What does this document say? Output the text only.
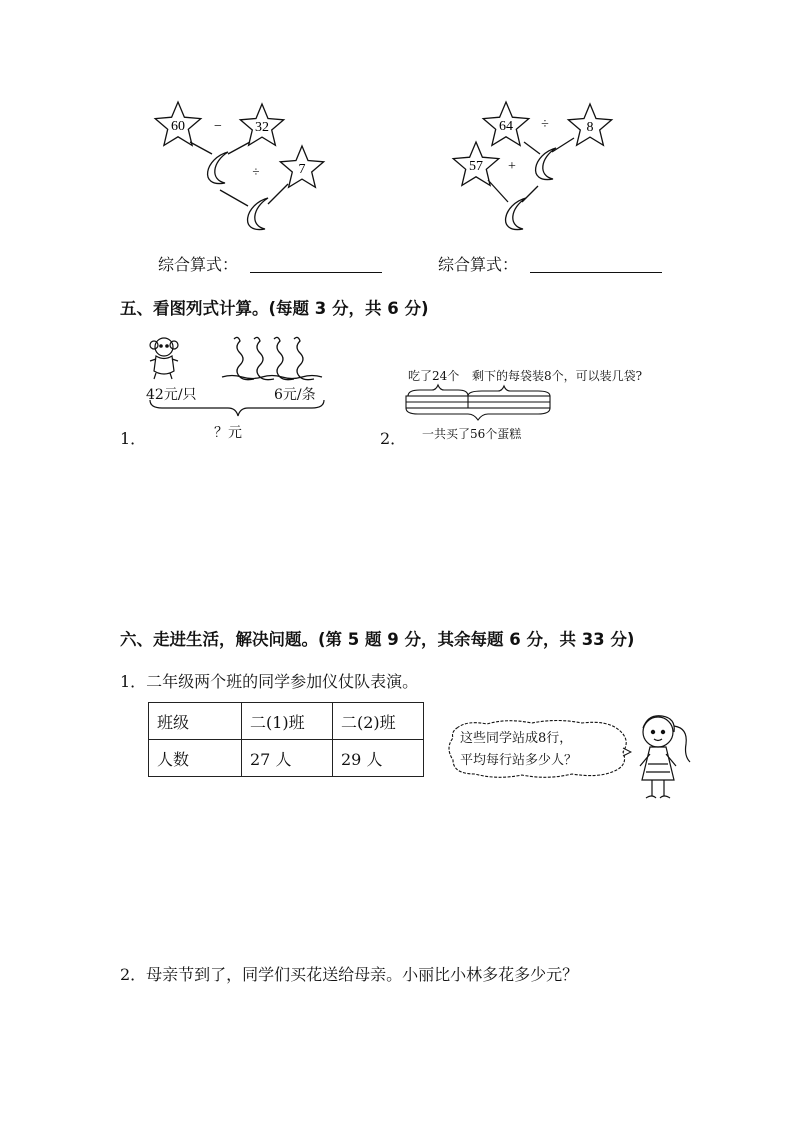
60 − 32
÷	7
64 ÷	8
57 +
综合算式：	综合算式：
五、看图列式计算。(每题 3 分，共 6 分)
42元/只	6元/条
1．	？元
吃了24个 剩下的每袋装8个，可以装几袋?
2． 一共买了56个蛋糕
六、走进生活，解决问题。(第 5 题 9 分，其余每题 6 分，共 33 分)
1．二年级两个班的同学参加仪仗队表演。
班级	二(1)班	二(2)班
人数	27 人	29 人
这些同学站成8行，
平均每行站多少人？
2．母亲节到了，同学们买花送给母亲。小丽比小林多花多少元？
